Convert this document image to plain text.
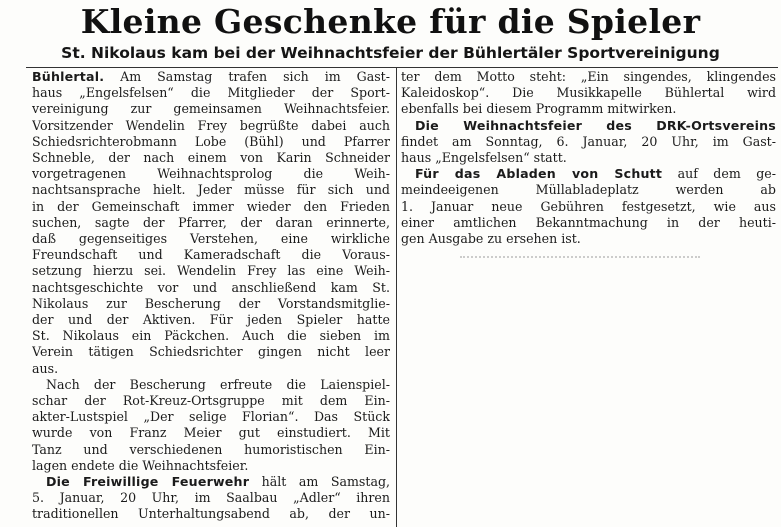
Kleine Geschenke für die Spieler
St. Nikolaus kam bei der Weihnachtsfeier der Bühlertäler Sportvereinigung
Bühlertal. Am Samstag trafen sich im Gast-
haus „Engelsfelsen“ die Mitglieder der Sport-
vereinigung zur gemeinsamen Weihnachtsfeier.
Vorsitzender Wendelin Frey begrüßte dabei auch
Schiedsrichterobmann Lobe (Bühl) und Pfarrer
Schneble, der nach einem von Karin Schneider
vorgetragenen Weihnachtsprolog die Weih-
nachtsansprache hielt. Jeder müsse für sich und
in der Gemeinschaft immer wieder den Frieden
suchen, sagte der Pfarrer, der daran erinnerte,
daß gegenseitiges Verstehen, eine wirkliche
Freundschaft und Kameradschaft die Voraus-
setzung hierzu sei. Wendelin Frey las eine Weih-
nachtsgeschichte vor und anschließend kam St.
Nikolaus zur Bescherung der Vorstandsmitglie-
der und der Aktiven. Für jeden Spieler hatte
St. Nikolaus ein Päckchen. Auch die sieben im
Verein tätigen Schiedsrichter gingen nicht leer
aus.
Nach der Bescherung erfreute die Laienspiel-
schar der Rot-Kreuz-Ortsgruppe mit dem Ein-
akter-Lustspiel „Der selige Florian“. Das Stück
wurde von Franz Meier gut einstudiert. Mit
Tanz und verschiedenen humoristischen Ein-
lagen endete die Weihnachtsfeier.
Die Freiwillige Feuerwehr hält am Samstag,
5. Januar, 20 Uhr, im Saalbau „Adler“ ihren
traditionellen Unterhaltungsabend ab, der un-
ter dem Motto steht: „Ein singendes, klingendes
Kaleidoskop“. Die Musikkapelle Bühlertal wird
ebenfalls bei diesem Programm mitwirken.
Die Weihnachtsfeier des DRK-Ortsvereins
findet am Sonntag, 6. Januar, 20 Uhr, im Gast-
haus „Engelsfelsen“ statt.
Für das Abladen von Schutt auf dem ge-
meindeeigenen Müllabladeplatz werden ab
1. Januar neue Gebühren festgesetzt, wie aus
einer amtlichen Bekanntmachung in der heuti-
gen Ausgabe zu ersehen ist.
